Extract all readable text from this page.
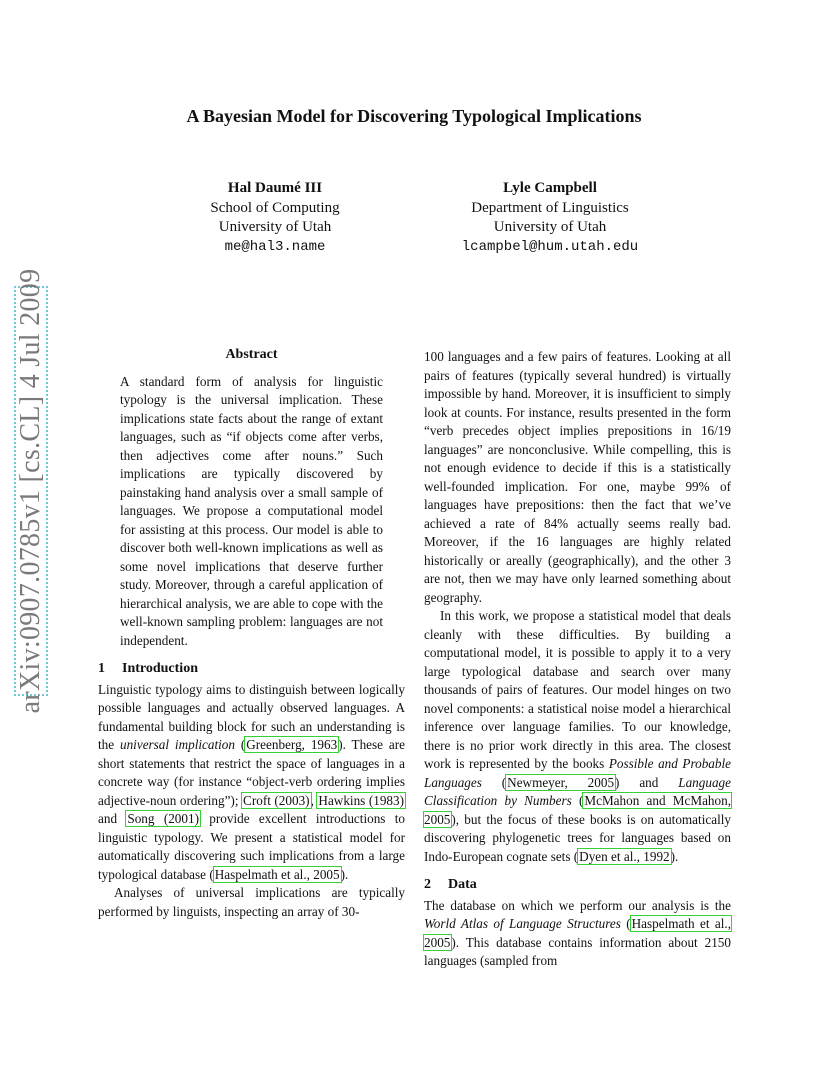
arXiv:0907.0785v1 [cs.CL] 4 Jul 2009
A Bayesian Model for Discovering Typological Implications
Hal Daumé III
School of Computing
University of Utah
me@hal3.name
Lyle Campbell
Department of Linguistics
University of Utah
lcampbel@hum.utah.edu
Abstract

A standard form of analysis for linguistic typology is the universal implication. These implications state facts about the range of extant languages, such as “if objects come after verbs, then adjectives come after nouns.” Such implications are typically discovered by painstaking hand analysis over a small sample of languages. We propose a computational model for assisting at this process. Our model is able to discover both well-known implications as well as some novel implications that deserve further study. Moreover, through a careful application of hierarchical analysis, we are able to cope with the well-known sampling problem: languages are not independent.

1 Introduction

Linguistic typology aims to distinguish between logically possible languages and actually observed languages. A fundamental building block for such an understanding is the universal implication (Greenberg, 1963). These are short statements that restrict the space of languages in a concrete way (for instance “object-verb ordering implies adjective-noun ordering”); Croft (2003), Hawkins (1983) and Song (2001) provide excellent introductions to linguistic typology. We present a statistical model for automatically discovering such implications from a large typological database (Haspelmath et al., 2005).

Analyses of universal implications are typically performed by linguists, inspecting an array of 30-

100 languages and a few pairs of features. Looking at all pairs of features (typically several hundred) is virtually impossible by hand. Moreover, it is insufficient to simply look at counts. For instance, results presented in the form “verb precedes object implies prepositions in 16/19 languages” are nonconclusive. While compelling, this is not enough evidence to decide if this is a statistically well-founded implication. For one, maybe 99% of languages have prepositions: then the fact that we’ve achieved a rate of 84% actually seems really bad. Moreover, if the 16 languages are highly related historically or areally (geographically), and the other 3 are not, then we may have only learned something about geography.

In this work, we propose a statistical model that deals cleanly with these difficulties. By building a computational model, it is possible to apply it to a very large typological database and search over many thousands of pairs of features. Our model hinges on two novel components: a statistical noise model a hierarchical inference over language families. To our knowledge, there is no prior work directly in this area. The closest work is represented by the books Possible and Probable Languages (Newmeyer, 2005) and Language Classification by Numbers (McMahon and McMahon, 2005), but the focus of these books is on automatically discovering phylogenetic trees for languages based on Indo-European cognate sets (Dyen et al., 1992).

2 Data

The database on which we perform our analysis is the World Atlas of Language Structures (Haspelmath et al., 2005). This database contains information about 2150 languages (sampled from
